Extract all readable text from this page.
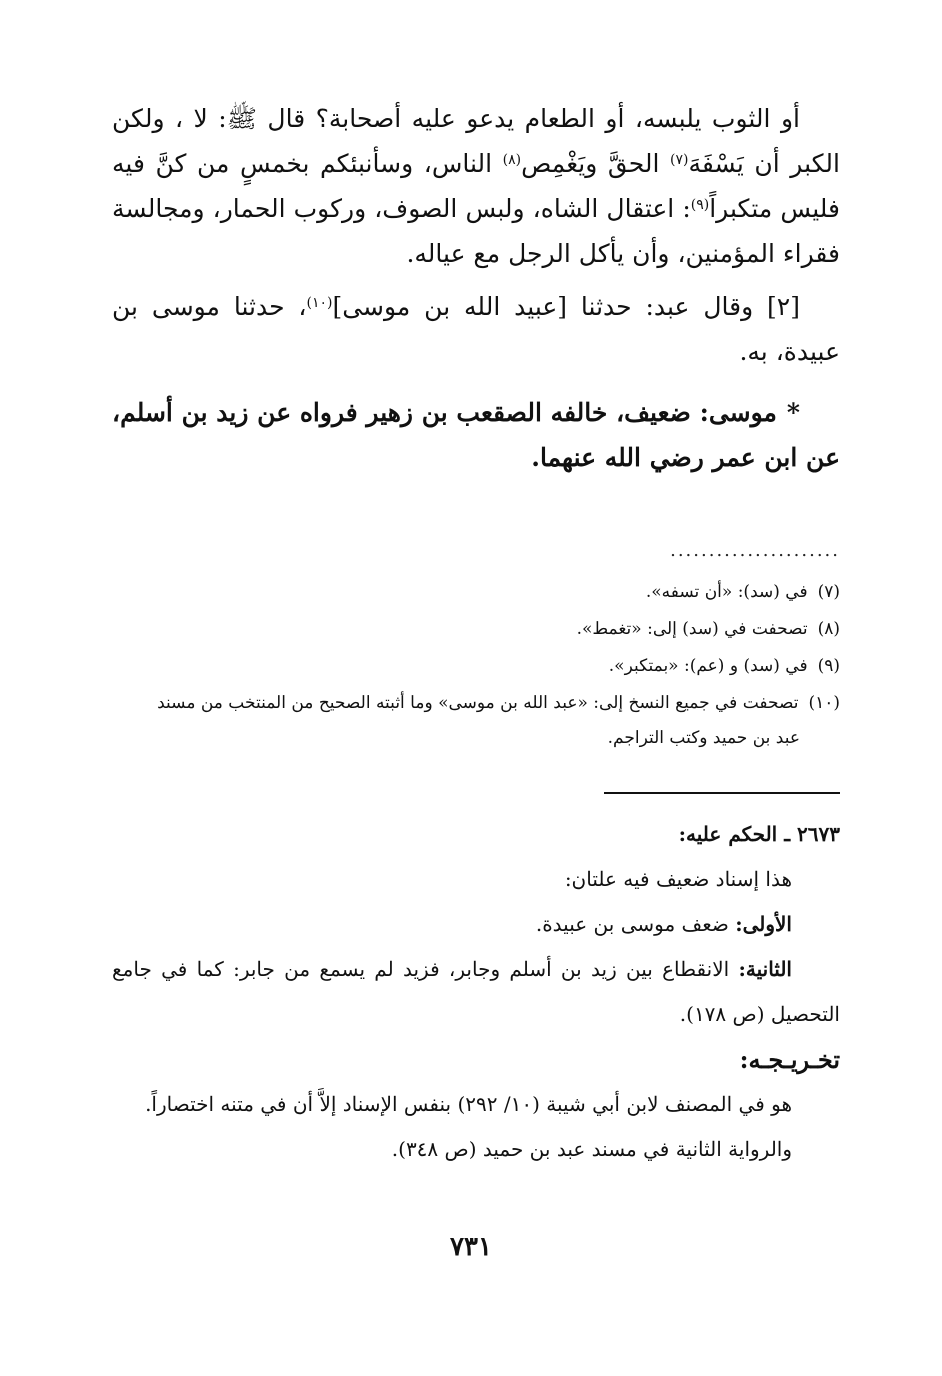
أو الثوب يلبسه، أو الطعام يدعو عليه أصحابة؟ قال ﷺ: لا ، ولكن الكبر أن يَسْفَهَ$^{(٧)}$ الحقَّ ويَغْمِص$^{(٨)}$ الناس، وسأنبئكم بخمسٍ من كنَّ فيه فليس متكبراً$^{(٩)}$: اعتقال الشاه، ولبس الصوف، وركوب الحمار، ومجالسة فقراء المؤمنين، وأن يأكل الرجل مع عياله.

[٢] وقال عبد: حدثنا [عبيد الله بن موسى]$^{(١٠)}$، حدثنا موسى بن عبيدة، به.

*موسى: ضعيف، خالفه الصقعب بن زهير فرواه عن زيد بن أسلم، عن ابن عمر رضي الله عنهما.

......................

(٧)في (سد): «أن تسفه».

(٨)تصحفت في (سد) إلى: «تغمط».

(٩)في (سد) و (عم): «بمتكبر».

(١٠)تصحفت في جميع النسخ إلى: «عبد الله بن موسى» وما أثبته الصحيح من المنتخب من مسند

عبد بن حميد وكتب التراجم.

٢٦٧٣ ـ الحكم عليه:

هذا إسناد ضعيف فيه علتان:

الأولى: ضعف موسى بن عبيدة.

الثانية: الانقطاع بين زيد بن أسلم وجابر، فزيد لم يسمع من جابر: كما في جامع التحصيل (ص ١٧٨).

تخـريـجـه:

هو في المصنف لابن أبي شيبة (١٠/ ٢٩٢) بنفس الإسناد إلاَّ أن في متنه اختصاراً.

والرواية الثانية في مسند عبد بن حميد (ص ٣٤٨).

٧٣١
